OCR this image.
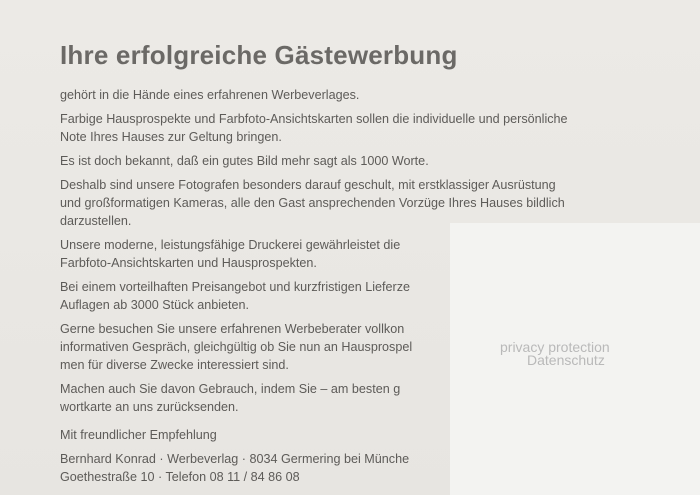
Ihre erfolgreiche Gästewerbung

gehört in die Hände eines erfahrenen Werbeverlages.

Farbige Hausprospekte und Farbfoto-Ansichtskarten sollen die individuelle und persönliche
Note Ihres Hauses zur Geltung bringen.

Es ist doch bekannt, daß ein gutes Bild mehr sagt als 1000 Worte.

Deshalb sind unsere Fotografen besonders darauf geschult, mit erstklassiger Ausrüstung
und großformatigen Kameras, alle den Gast ansprechenden Vorzüge Ihres Hauses bildlich
darzustellen.

Unsere moderne, leistungsfähige Druckerei gewährleistet die
Farbfoto-Ansichtskarten und Hausprospekten.

Bei einem vorteilhaften Preisangebot und kurzfristigen Lieferze
Auflagen ab 3000 Stück anbieten.

Gerne besuchen Sie unsere erfahrenen Werbeberater vollkon
informativen Gespräch, gleichgültig ob Sie nun an Hausprospel
men für diverse Zwecke interessiert sind.

Machen auch Sie davon Gebrauch, indem Sie – am besten g
wortkarte an uns zurücksenden.

Mit freundlicher Empfehlung
Bernhard Konrad · Werbeverlag · 8034 Germering bei Münche
Goethestraße 10 · Telefon 08 11 / 84 86 08
privacy protection
Datenschutz
